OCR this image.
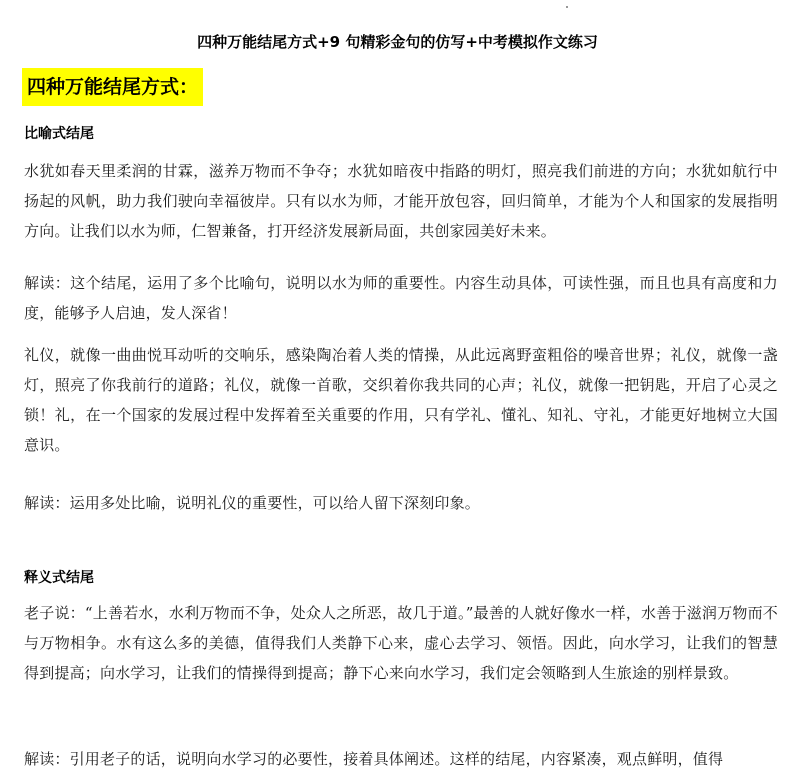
四种万能结尾方式+9 句精彩金句的仿写+中考模拟作文练习
四种万能结尾方式：
比喻式结尾

水犹如春天里柔润的甘霖，滋养万物而不争夺；水犹如暗夜中指路的明灯，照亮我们前进的方向；水犹如航行中扬起的风帆，助力我们驶向幸福彼岸。只有以水为师，才能开放包容，回归简单，才能为个人和国家的发展指明方向。让我们以水为师，仁智兼备，打开经济发展新局面，共创家园美好未来。

解读：这个结尾，运用了多个比喻句，说明以水为师的重要性。内容生动具体，可读性强，而且也具有高度和力度，能够予人启迪，发人深省！

礼仪，就像一曲曲悦耳动听的交响乐，感染陶冶着人类的情操，从此远离野蛮粗俗的噪音世界；礼仪，就像一盏灯，照亮了你我前行的道路；礼仪，就像一首歌，交织着你我共同的心声；礼仪，就像一把钥匙，开启了心灵之锁！礼，在一个国家的发展过程中发挥着至关重要的作用，只有学礼、懂礼、知礼、守礼，才能更好地树立大国意识。

解读：运用多处比喻，说明礼仪的重要性，可以给人留下深刻印象。

释义式结尾

老子说：“上善若水，水利万物而不争，处众人之所恶，故几于道。”最善的人就好像水一样，水善于滋润万物而不与万物相争。水有这么多的美德，值得我们人类静下心来，虚心去学习、领悟。因此，向水学习，让我们的智慧得到提高；向水学习，让我们的情操得到提高；静下心来向水学习，我们定会领略到人生旅途的别样景致。

解读：引用老子的话，说明向水学习的必要性，接着具体阐述。这样的结尾，内容紧凑，观点鲜明，值得
